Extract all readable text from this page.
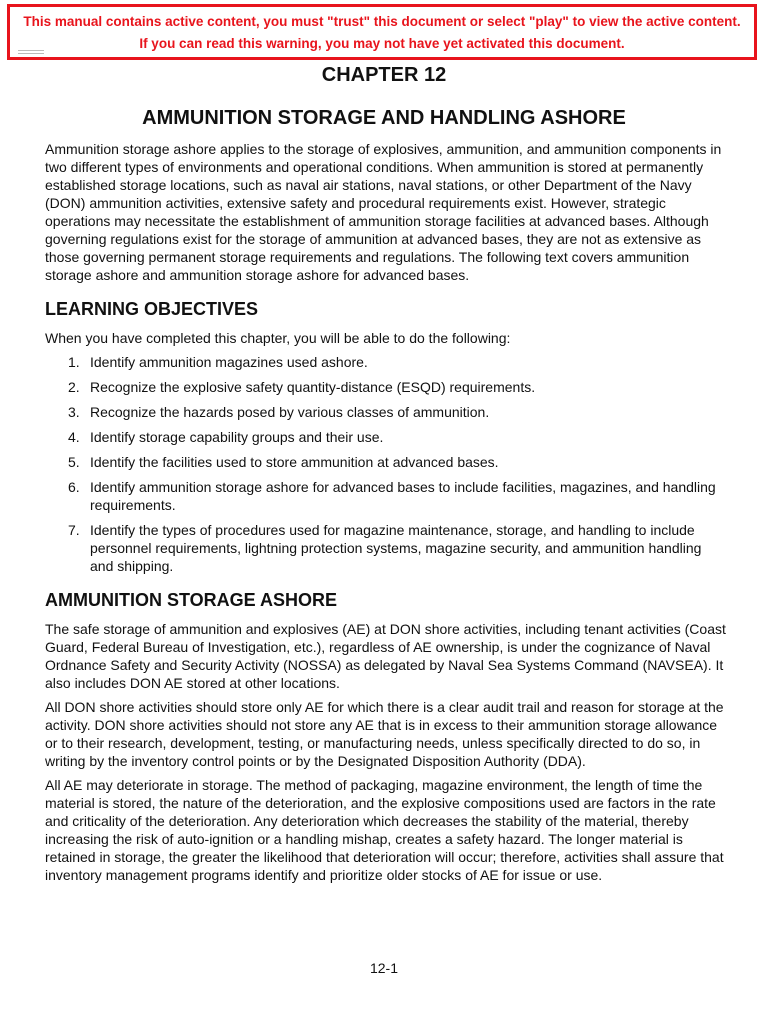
This manual contains active content, you must "trust" this document or select "play" to view the active content.
If you can read this warning, you may not have yet activated this document.
CHAPTER 12
AMMUNITION STORAGE AND HANDLING ASHORE

Ammunition storage ashore applies to the storage of explosives, ammunition, and ammunition components in two different types of environments and operational conditions. When ammunition is stored at permanently established storage locations, such as naval air stations, naval stations, or other Department of the Navy (DON) ammunition activities, extensive safety and procedural requirements exist. However, strategic operations may necessitate the establishment of ammunition storage facilities at advanced bases. Although governing regulations exist for the storage of ammunition at advanced bases, they are not as extensive as those governing permanent storage requirements and regulations. The following text covers ammunition storage ashore and ammunition storage ashore for advanced bases.

LEARNING OBJECTIVES

When you have completed this chapter, you will be able to do the following:

1. Identify ammunition magazines used ashore.
2. Recognize the explosive safety quantity-distance (ESQD) requirements.
3. Recognize the hazards posed by various classes of ammunition.
4. Identify storage capability groups and their use.
5. Identify the facilities used to store ammunition at advanced bases.
6. Identify ammunition storage ashore for advanced bases to include facilities, magazines, and handling requirements.
7. Identify the types of procedures used for magazine maintenance, storage, and handling to include personnel requirements, lightning protection systems, magazine security, and ammunition handling and shipping.
AMMUNITION STORAGE ASHORE

The safe storage of ammunition and explosives (AE) at DON shore activities, including tenant activities (Coast Guard, Federal Bureau of Investigation, etc.), regardless of AE ownership, is under the cognizance of Naval Ordnance Safety and Security Activity (NOSSA) as delegated by Naval Sea Systems Command (NAVSEA). It also includes DON AE stored at other locations.

All DON shore activities should store only AE for which there is a clear audit trail and reason for storage at the activity. DON shore activities should not store any AE that is in excess to their ammunition storage allowance or to their research, development, testing, or manufacturing needs, unless specifically directed to do so, in writing by the inventory control points or by the Designated Disposition Authority (DDA).

All AE may deteriorate in storage. The method of packaging, magazine environment, the length of time the material is stored, the nature of the deterioration, and the explosive compositions used are factors in the rate and criticality of the deterioration. Any deterioration which decreases the stability of the material, thereby increasing the risk of auto-ignition or a handling mishap, creates a safety hazard. The longer material is retained in storage, the greater the likelihood that deterioration will occur; therefore, activities shall assure that inventory management programs identify and prioritize older stocks of AE for issue or use.

12-1
